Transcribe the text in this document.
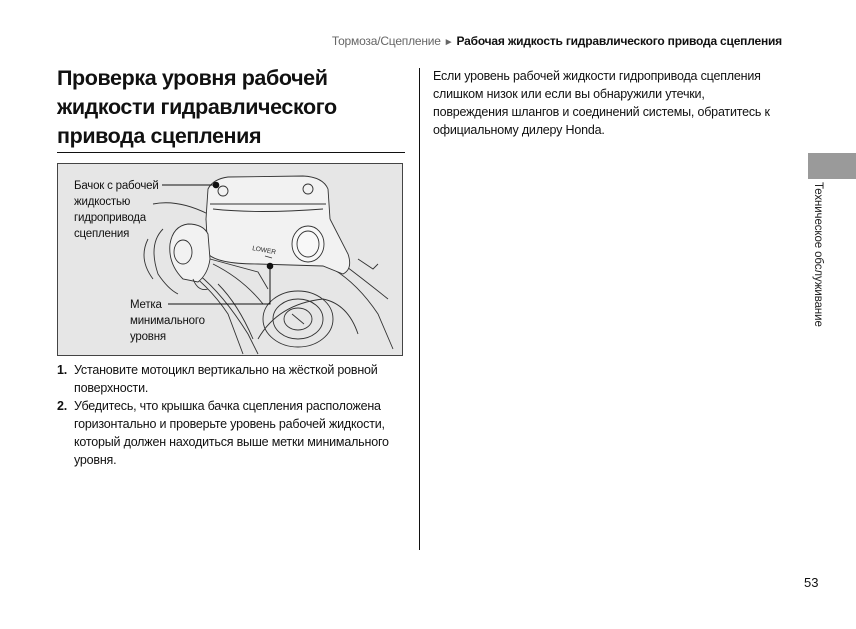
Тормоза/Сцепление ► Рабочая жидкость гидравлического привода сцепления
Проверка уровня рабочей
жидкости гидравлического
привода сцепления
LOWER
Бачок с рабочей
жидкостью
гидропривода
сцепления
Метка
минимального
уровня
1. Установите мотоцикл вертикально на жёсткой ровной поверхности.
2. Убедитесь, что крышка бачка сцепления расположена горизонтально и проверьте уровень рабочей жидкости, который должен находиться выше метки минимального уровня.

Если уровень рабочей жидкости гидропривода сцепления слишком низок или если вы обнаружили утечки, повреждения шлангов и соединений системы, обратитесь к официальному дилеру Honda.

Техническое обслуживание
53
